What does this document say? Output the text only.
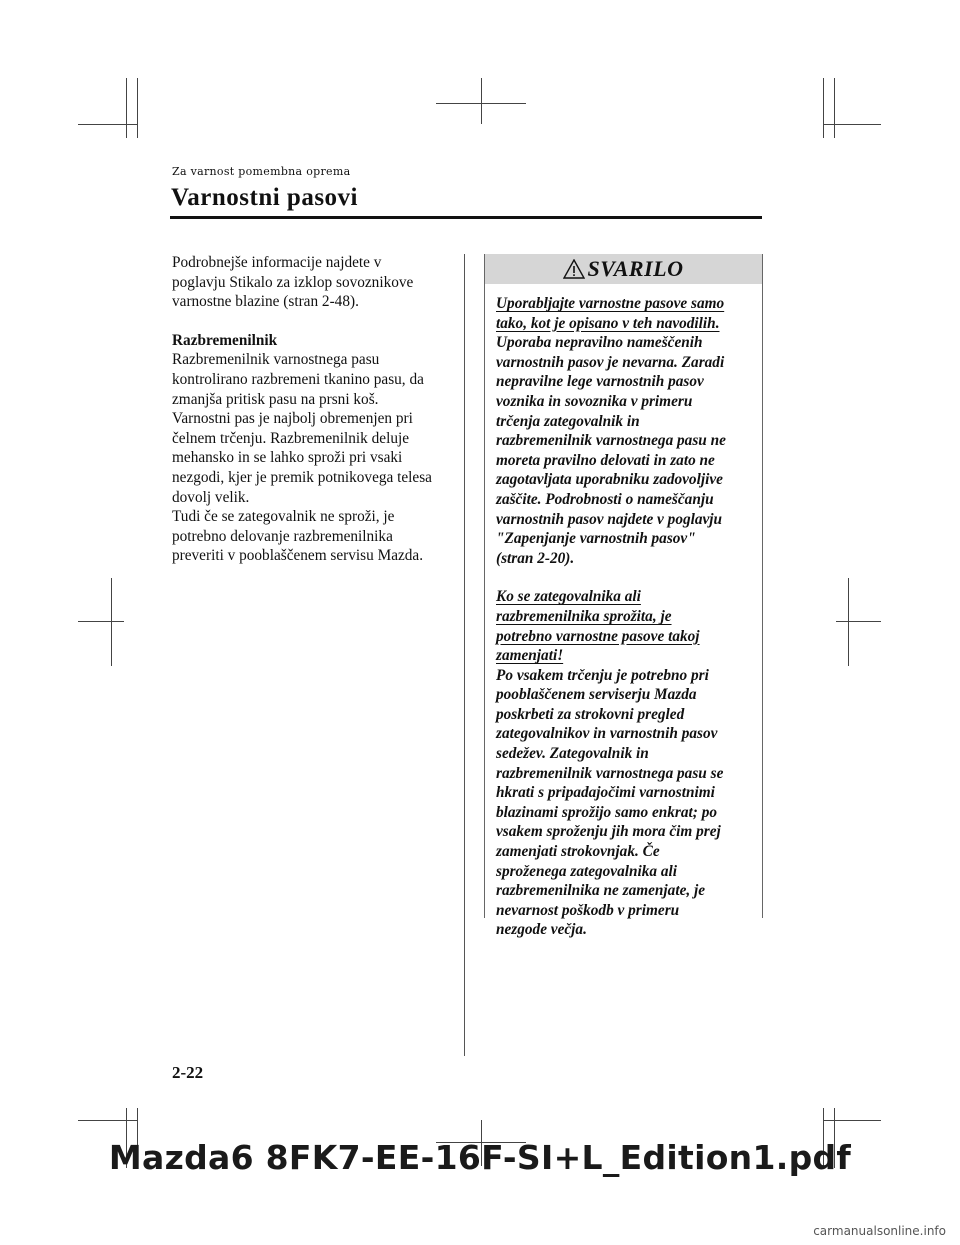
Za varnost pomembna oprema
Varnostni pasovi

Podrobnejše informacije najdete v

poglavju Stikalo za izklop sovoznikove

varnostne blazine (stran 2-48).

Razbremenilnik

Razbremenilnik varnostnega pasu

kontrolirano razbremeni tkanino pasu, da

zmanjša pritisk pasu na prsni koš.

Varnostni pas je najbolj obremenjen pri

čelnem trčenju. Razbremenilnik deluje

mehansko in se lahko sproži pri vsaki

nezgodi, kjer je premik potnikovega telesa

dovolj velik.

Tudi če se zategovalnik ne sproži, je

potrebno delovanje razbremenilnika

preveriti v pooblaščenem servisu Mazda.

SVARILO

Uporabljajte varnostne pasove samo

tako, kot je opisano v teh navodilih.

Uporaba nepravilno nameščenih

varnostnih pasov je nevarna. Zaradi

nepravilne lege varnostnih pasov

voznika in sovoznika v primeru

trčenja zategovalnik in

razbremenilnik varnostnega pasu ne

moreta pravilno delovati in zato ne

zagotavljata uporabniku zadovoljive

zaščite. Podrobnosti o nameščanju

varnostnih pasov najdete v poglavju

"Zapenjanje varnostnih pasov"

(stran 2-20).

Ko se zategovalnika ali

razbremenilnika sprožita, je

potrebno varnostne pasove takoj

zamenjati!

Po vsakem trčenju je potrebno pri

pooblaščenem serviserju Mazda

poskrbeti za strokovni pregled

zategovalnikov in varnostnih pasov

sedežev. Zategovalnik in

razbremenilnik varnostnega pasu se

hkrati s pripadajočimi varnostnimi

blazinami sprožijo samo enkrat; po

vsakem sproženju jih mora čim prej

zamenjati strokovnjak. Če

sproženega zategovalnika ali

razbremenilnika ne zamenjate, je

nevarnost poškodb v primeru

nezgode večja.

2-22
Mazda6 8FK7-EE-16F-SI+L_Edition1.pdf
carmanualsonline.info
